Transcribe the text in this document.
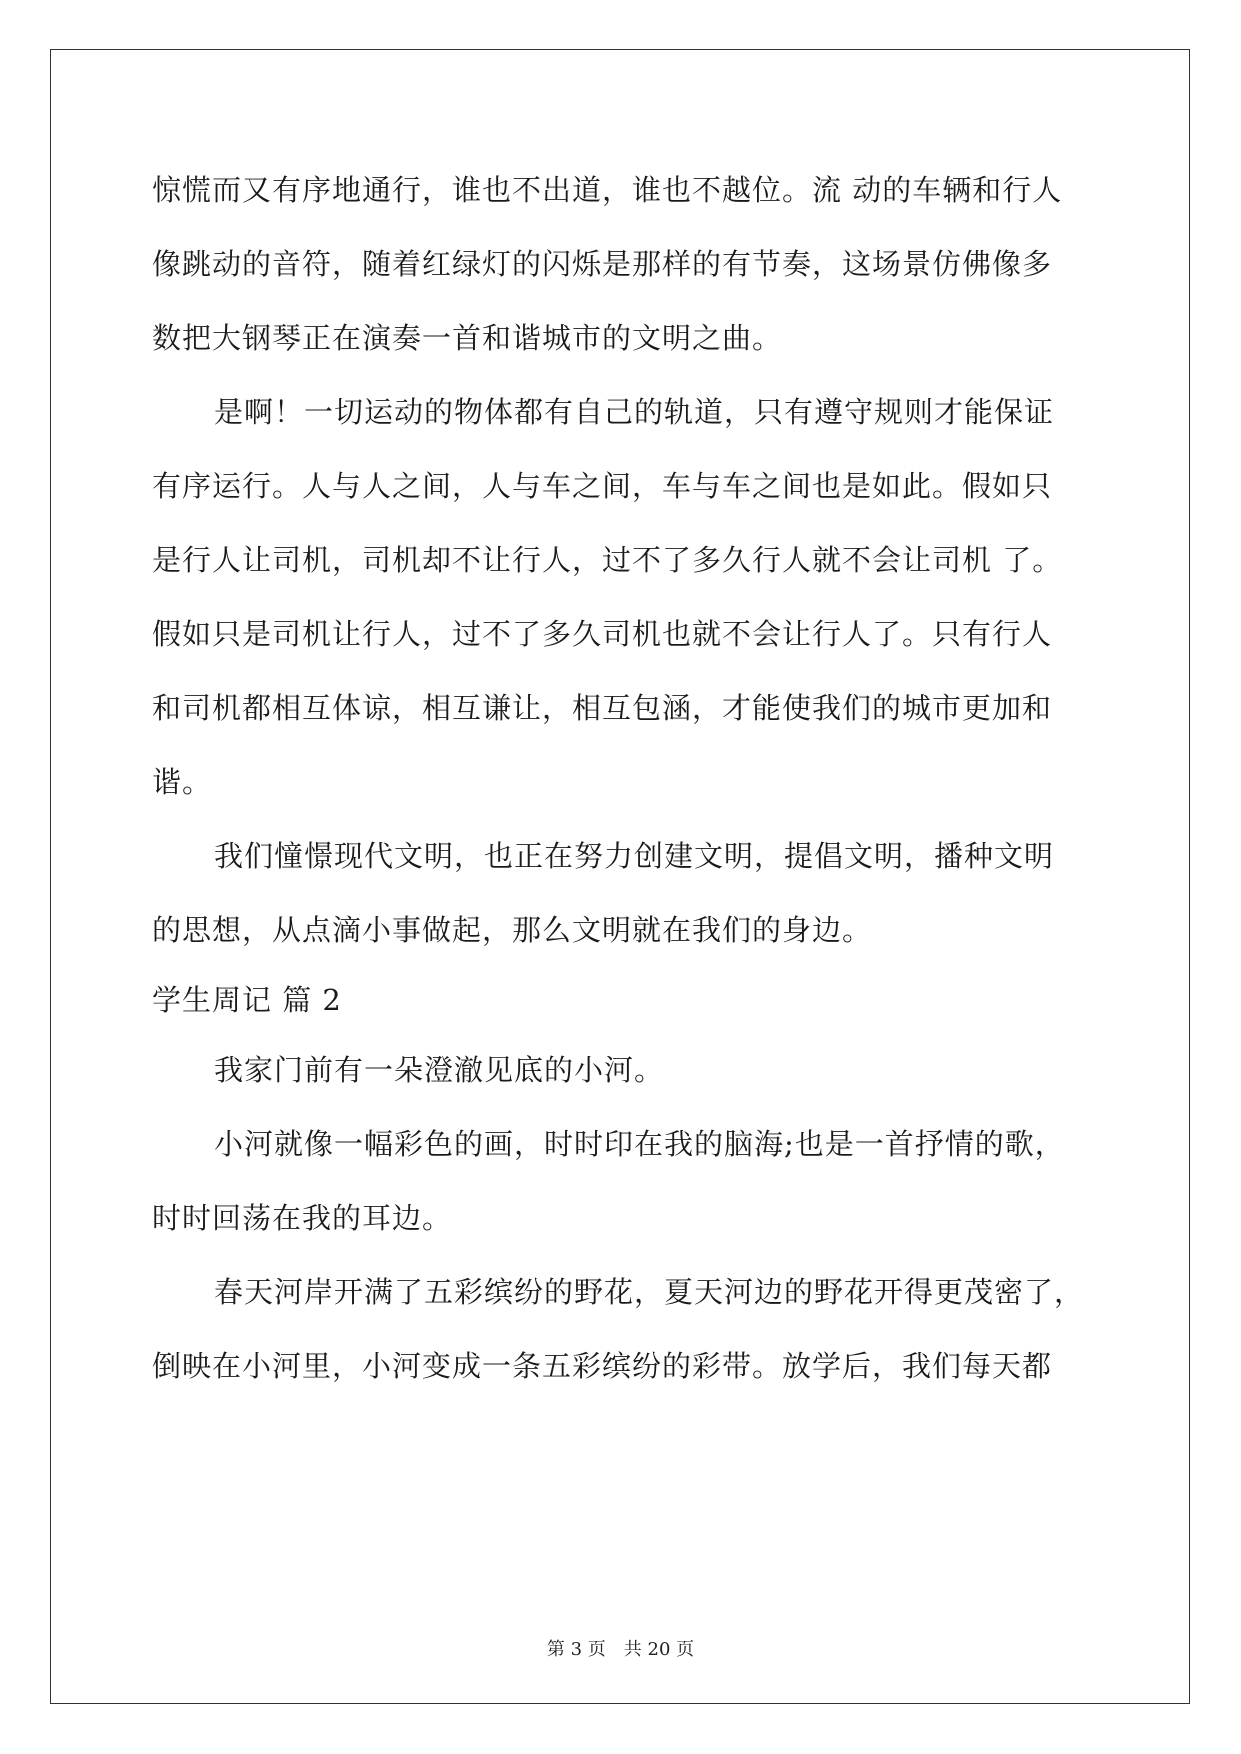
惊慌而又有序地通行，谁也不出道，谁也不越位。流 动的车辆和行人
像跳动的音符，随着红绿灯的闪烁是那样的有节奏，这场景仿佛像多
数把大钢琴正在演奏一首和谐城市的文明之曲。
是啊！一切运动的物体都有自己的轨道，只有遵守规则才能保证
有序运行。人与人之间，人与车之间，车与车之间也是如此。假如只
是行人让司机，司机却不让行人，过不了多久行人就不会让司机 了。
假如只是司机让行人，过不了多久司机也就不会让行人了。只有行人
和司机都相互体谅，相互谦让，相互包涵，才能使我们的城市更加和
谐。
我们憧憬现代文明，也正在努力创建文明，提倡文明，播种文明
的思想，从点滴小事做起，那么文明就在我们的身边。
学生周记 篇 2
我家门前有一朵澄澈见底的小河。
小河就像一幅彩色的画，时时印在我的脑海;也是一首抒情的歌，
时时回荡在我的耳边。
春天河岸开满了五彩缤纷的野花，夏天河边的野花开得更茂密了，
倒映在小河里，小河变成一条五彩缤纷的彩带。放学后，我们每天都
第 3 页　共 20 页
